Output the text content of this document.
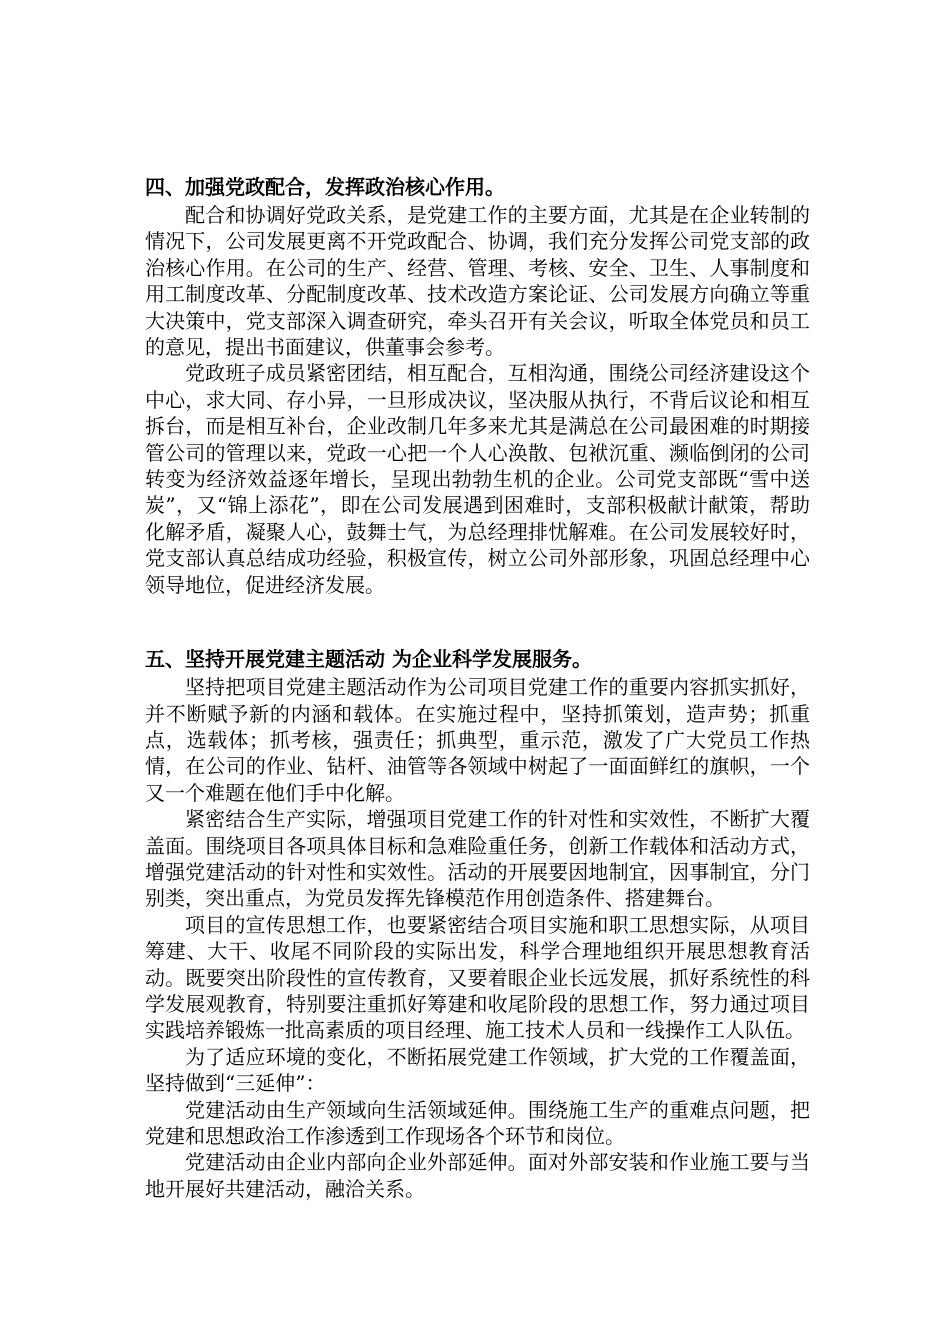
四、加强党政配合，发挥政治核心作用。

配合和协调好党政关系，是党建工作的主要方面，尤其是在企业转制的情况下，公司发展更离不开党政配合、协调，我们充分发挥公司党支部的政治核心作用。在公司的生产、经营、管理、考核、安全、卫生、人事制度和用工制度改革、分配制度改革、技术改造方案论证、公司发展方向确立等重大决策中，党支部深入调查研究，牵头召开有关会议，听取全体党员和员工的意见，提出书面建议，供董事会参考。

党政班子成员紧密团结，相互配合，互相沟通，围绕公司经济建设这个中心，求大同、存小异，一旦形成决议，坚决服从执行，不背后议论和相互拆台，而是相互补台，企业改制几年多来尤其是满总在公司最困难的时期接管公司的管理以来，党政一心把一个人心涣散、包袱沉重、濒临倒闭的公司转变为经济效益逐年增长，呈现出勃勃生机的企业。公司党支部既“雪中送炭”，又“锦上添花”，即在公司发展遇到困难时，支部积极献计献策，帮助化解矛盾，凝聚人心，鼓舞士气，为总经理排忧解难。在公司发展较好时，党支部认真总结成功经验，积极宣传，树立公司外部形象，巩固总经理中心领导地位，促进经济发展。

五、坚持开展党建主题活动 为企业科学发展服务。

坚持把项目党建主题活动作为公司项目党建工作的重要内容抓实抓好，并不断赋予新的内涵和载体。在实施过程中，坚持抓策划，造声势；抓重点，选载体；抓考核，强责任；抓典型，重示范，激发了广大党员工作热情，在公司的作业、钻杆、油管等各领域中树起了一面面鲜红的旗帜，一个又一个难题在他们手中化解。

紧密结合生产实际，增强项目党建工作的针对性和实效性，不断扩大覆盖面。围绕项目各项具体目标和急难险重任务，创新工作载体和活动方式，增强党建活动的针对性和实效性。活动的开展要因地制宜，因事制宜，分门别类，突出重点，为党员发挥先锋模范作用创造条件、搭建舞台。

项目的宣传思想工作，也要紧密结合项目实施和职工思想实际，从项目筹建、大干、收尾不同阶段的实际出发，科学合理地组织开展思想教育活动。既要突出阶段性的宣传教育，又要着眼企业长远发展，抓好系统性的科学发展观教育，特别要注重抓好筹建和收尾阶段的思想工作，努力通过项目实践培养锻炼一批高素质的项目经理、施工技术人员和一线操作工人队伍。

为了适应环境的变化，不断拓展党建工作领域，扩大党的工作覆盖面，坚持做到“三延伸”：

党建活动由生产领域向生活领域延伸。围绕施工生产的重难点问题，把党建和思想政治工作渗透到工作现场各个环节和岗位。

党建活动由企业内部向企业外部延伸。面对外部安装和作业施工要与当地开展好共建活动，融洽关系。
